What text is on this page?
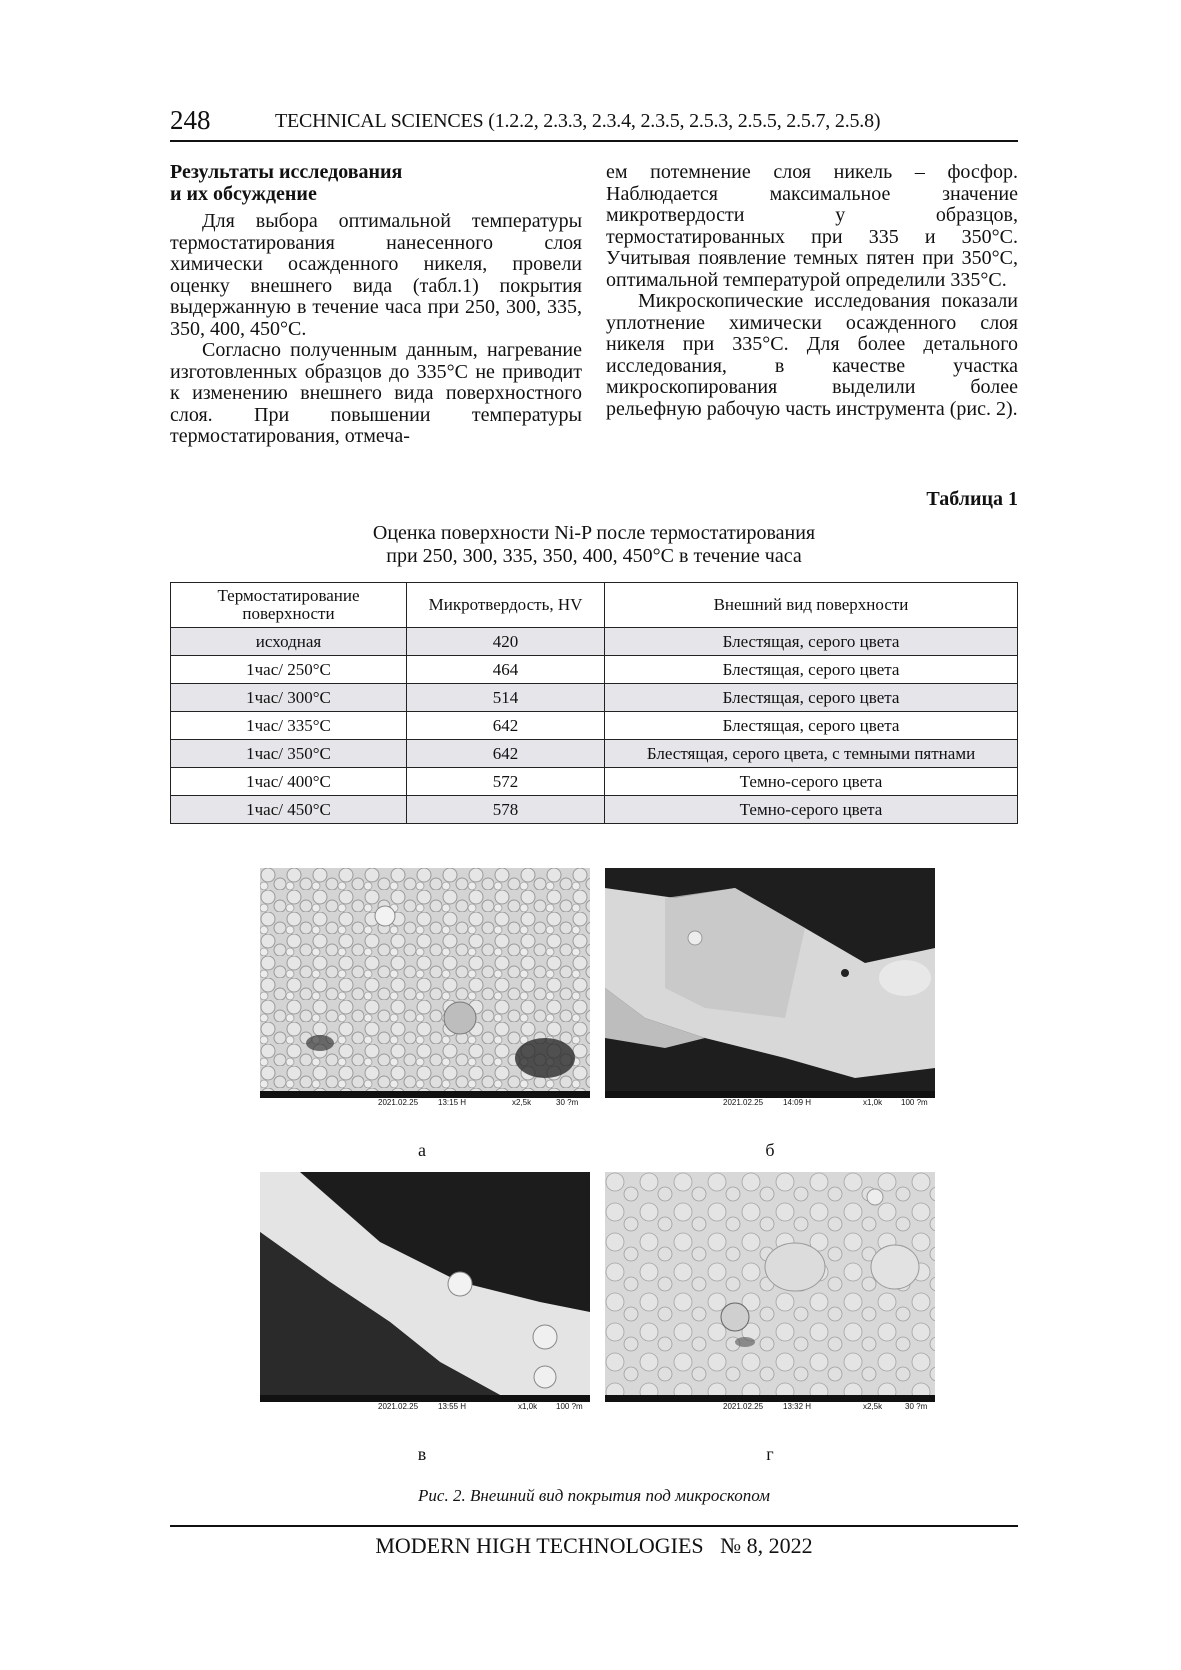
248	TECHNICAL SCIENCES (1.2.2, 2.3.3, 2.3.4, 2.3.5, 2.5.3, 2.5.5, 2.5.7, 2.5.8)

Результаты исследования

и их обсуждение

Для выбора оптимальной температуры термостатирования нанесенного слоя химически осажденного никеля, провели оценку внешнего вида (табл.1) покрытия выдержанную в течение часа при 250, 300, 335, 350, 400, 450°С.

Согласно полученным данным, нагревание изготовленных образцов до 335°С не приводит к изменению внешнего вида поверхностного слоя. При повышении температуры термостатирования, отмеча-

ем потемнение слоя никель – фосфор. Наблюдается максимальное значение микротвердости у образцов, термостатированных при 335 и 350°С. Учитывая появление темных пятен при 350°С, оптимальной температурой определили 335°С.

Микроскопические исследования показали уплотнение химически осажденного слоя никеля при 335°С. Для более детального исследования, в качестве участка микроскопирования выделили более рельефную рабочую часть инструмента (рис. 2).

Таблица 1
Оценка поверхности Ni-P после термостатирования
при 250, 300, 335, 350, 400, 450°С в течение часа
Термостатирование поверхности	Микротвердость, HV	Внешний вид поверхности
исходная	420	Блестящая, серого цвета
1час/ 250°С	464	Блестящая, серого цвета
1час/ 300°С	514	Блестящая, серого цвета
1час/ 335°С	642	Блестящая, серого цвета
1час/ 350°С	642	Блестящая, серого цвета, с темными пятнами
1час/ 400°С	572	Темно-серого цвета
1час/ 450°С	578	Темно-серого цвета
2021.02.25 13:15 H	x2,5k	30 ?m
а
2021.02.25 14:09 H	x1,0k 100 ?m
б
2021.02.25 13:55 H	x1,0k 100 ?m
в
2021.02.25 13:32 H	x2,5k	30 ?m
г
Рис. 2. Внешний вид покрытия под микроскопом
MODERN HIGH TECHNOLOGIES № 8, 2022
